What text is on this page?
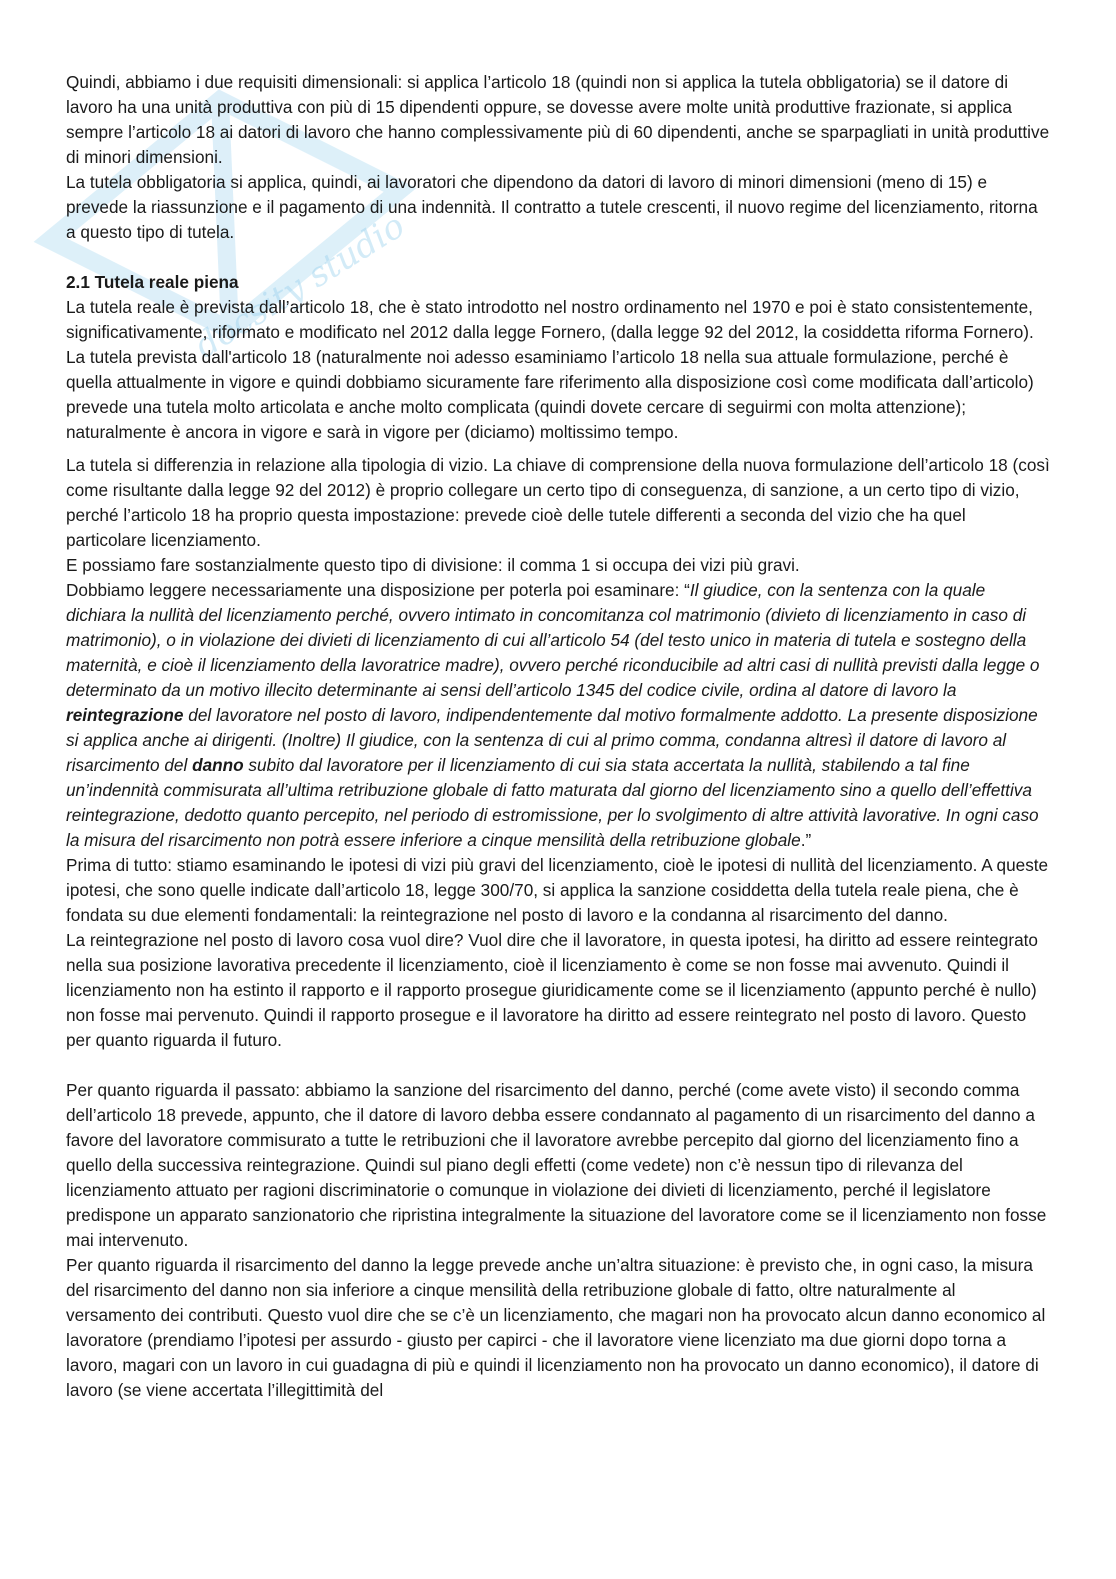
docsity studio

Quindi, abbiamo i due requisiti dimensionali: si applica l’articolo 18 (quindi non si applica la tutela obbligatoria) se il datore di lavoro ha una unità produttiva con più di 15 dipendenti oppure, se dovesse avere molte unità produttive frazionate, si applica sempre l’articolo 18 ai datori di lavoro che hanno complessivamente più di 60 dipendenti, anche se sparpagliati in unità produttive di minori dimensioni.

La tutela obbligatoria si applica, quindi, ai lavoratori che dipendono da datori di lavoro di minori dimensioni (meno di 15) e prevede la riassunzione e il pagamento di una indennità. Il contratto a tutele crescenti, il nuovo regime del licenziamento, ritorna a questo tipo di tutela.

2.1 Tutela reale piena

La tutela reale è prevista dall’articolo 18, che è stato introdotto nel nostro ordinamento nel 1970 e poi è stato consistentemente, significativamente, riformato e modificato nel 2012 dalla legge Fornero, (dalla legge 92 del 2012, la cosiddetta riforma Fornero).

La tutela prevista dall'articolo 18 (naturalmente noi adesso esaminiamo l’articolo 18 nella sua attuale formulazione, perché è quella attualmente in vigore e quindi dobbiamo sicuramente fare riferimento alla disposizione così come modificata dall’articolo) prevede una tutela molto articolata e anche molto complicata (quindi dovete cercare di seguirmi con molta attenzione); naturalmente è ancora in vigore e sarà in vigore per (diciamo) moltissimo tempo.

La tutela si differenzia in relazione alla tipologia di vizio. La chiave di comprensione della nuova formulazione dell’articolo 18 (così come risultante dalla legge 92 del 2012) è proprio collegare un certo tipo di conseguenza, di sanzione, a un certo tipo di vizio, perché l’articolo 18 ha proprio questa impostazione: prevede cioè delle tutele differenti a seconda del vizio che ha quel particolare licenziamento.

E possiamo fare sostanzialmente questo tipo di divisione: il comma 1 si occupa dei vizi più gravi.

Dobbiamo leggere necessariamente una disposizione per poterla poi esaminare: “Il giudice, con la sentenza con la quale dichiara la nullità del licenziamento perché, ovvero intimato in concomitanza col matrimonio (divieto di licenziamento in caso di matrimonio), o in violazione dei divieti di licenziamento di cui all’articolo 54 (del testo unico in materia di tutela e sostegno della maternità, e cioè il licenziamento della lavoratrice madre), ovvero perché riconducibile ad altri casi di nullità previsti dalla legge o determinato da un motivo illecito determinante ai sensi dell’articolo 1345 del codice civile, ordina al datore di lavoro la reintegrazione del lavoratore nel posto di lavoro, indipendentemente dal motivo formalmente addotto. La presente disposizione si applica anche ai dirigenti. (Inoltre) Il giudice, con la sentenza di cui al primo comma, condanna altresì il datore di lavoro al risarcimento del danno subito dal lavoratore per il licenziamento di cui sia stata accertata la nullità, stabilendo a tal fine un’indennità commisurata all’ultima retribuzione globale di fatto maturata dal giorno del licenziamento sino a quello dell’effettiva reintegrazione, dedotto quanto percepito, nel periodo di estromissione, per lo svolgimento di altre attività lavorative. In ogni caso la misura del risarcimento non potrà essere inferiore a cinque mensilità della retribuzione globale.”

Prima di tutto: stiamo esaminando le ipotesi di vizi più gravi del licenziamento, cioè le ipotesi di nullità del licenziamento. A queste ipotesi, che sono quelle indicate dall’articolo 18, legge 300/70, si applica la sanzione cosiddetta della tutela reale piena, che è fondata su due elementi fondamentali: la reintegrazione nel posto di lavoro e la condanna al risarcimento del danno.

La reintegrazione nel posto di lavoro cosa vuol dire? Vuol dire che il lavoratore, in questa ipotesi, ha diritto ad essere reintegrato nella sua posizione lavorativa precedente il licenziamento, cioè il licenziamento è come se non fosse mai avvenuto. Quindi il licenziamento non ha estinto il rapporto e il rapporto prosegue giuridicamente come se il licenziamento (appunto perché è nullo) non fosse mai pervenuto. Quindi il rapporto prosegue e il lavoratore ha diritto ad essere reintegrato nel posto di lavoro. Questo per quanto riguarda il futuro.

Per quanto riguarda il passato: abbiamo la sanzione del risarcimento del danno, perché (come avete visto) il secondo comma dell’articolo 18 prevede, appunto, che il datore di lavoro debba essere condannato al pagamento di un risarcimento del danno a favore del lavoratore commisurato a tutte le retribuzioni che il lavoratore avrebbe percepito dal giorno del licenziamento fino a quello della successiva reintegrazione. Quindi sul piano degli effetti (come vedete) non c’è nessun tipo di rilevanza del licenziamento attuato per ragioni discriminatorie o comunque in violazione dei divieti di licenziamento, perché il legislatore predispone un apparato sanzionatorio che ripristina integralmente la situazione del lavoratore come se il licenziamento non fosse mai intervenuto.

Per quanto riguarda il risarcimento del danno la legge prevede anche un’altra situazione: è previsto che, in ogni caso, la misura del risarcimento del danno non sia inferiore a cinque mensilità della retribuzione globale di fatto, oltre naturalmente al versamento dei contributi. Questo vuol dire che se c’è un licenziamento, che magari non ha provocato alcun danno economico al lavoratore (prendiamo l’ipotesi per assurdo - giusto per capirci - che il lavoratore viene licenziato ma due giorni dopo torna a lavoro, magari con un lavoro in cui guadagna di più e quindi il licenziamento non ha provocato un danno economico), il datore di lavoro (se viene accertata l’illegittimità del
